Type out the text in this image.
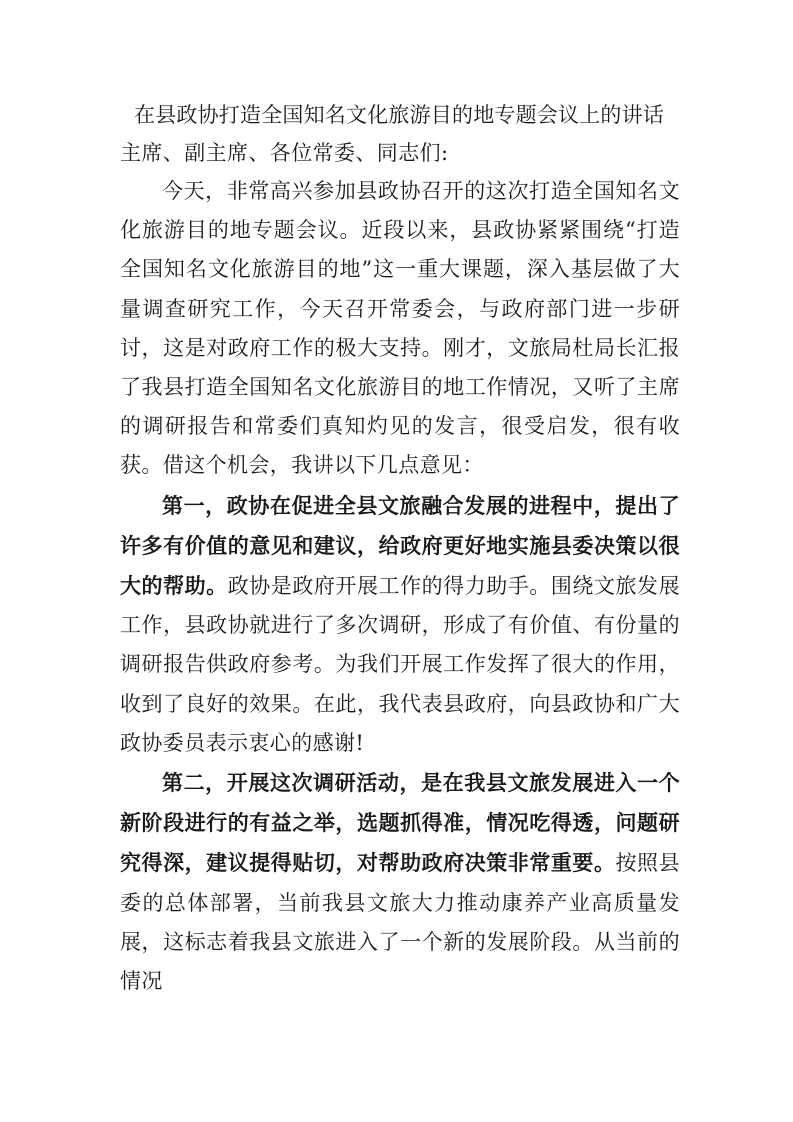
在县政协打造全国知名文化旅游目的地专题会议上的讲话

主席、副主席、各位常委、同志们:

今天，非常高兴参加县政协召开的这次打造全国知名文化旅游目的地专题会议。近段以来，县政协紧紧围绕“打造全国知名文化旅游目的地”这一重大课题，深入基层做了大量调查研究工作，今天召开常委会，与政府部门进一步研讨，这是对政府工作的极大支持。刚才，文旅局杜局长汇报了我县打造全国知名文化旅游目的地工作情况，又听了主席的调研报告和常委们真知灼见的发言，很受启发，很有收获。借这个机会，我讲以下几点意见：

第一，政协在促进全县文旅融合发展的进程中，提出了许多有价值的意见和建议，给政府更好地实施县委决策以很大的帮助。政协是政府开展工作的得力助手。围绕文旅发展工作，县政协就进行了多次调研，形成了有价值、有份量的调研报告供政府参考。为我们开展工作发挥了很大的作用，收到了良好的效果。在此，我代表县政府，向县政协和广大政协委员表示衷心的感谢!

第二，开展这次调研活动，是在我县文旅发展进入一个新阶段进行的有益之举，选题抓得准，情况吃得透，问题研究得深，建议提得贴切，对帮助政府决策非常重要。按照县委的总体部署，当前我县文旅大力推动康养产业高质量发展，这标志着我县文旅进入了一个新的发展阶段。从当前的情况
